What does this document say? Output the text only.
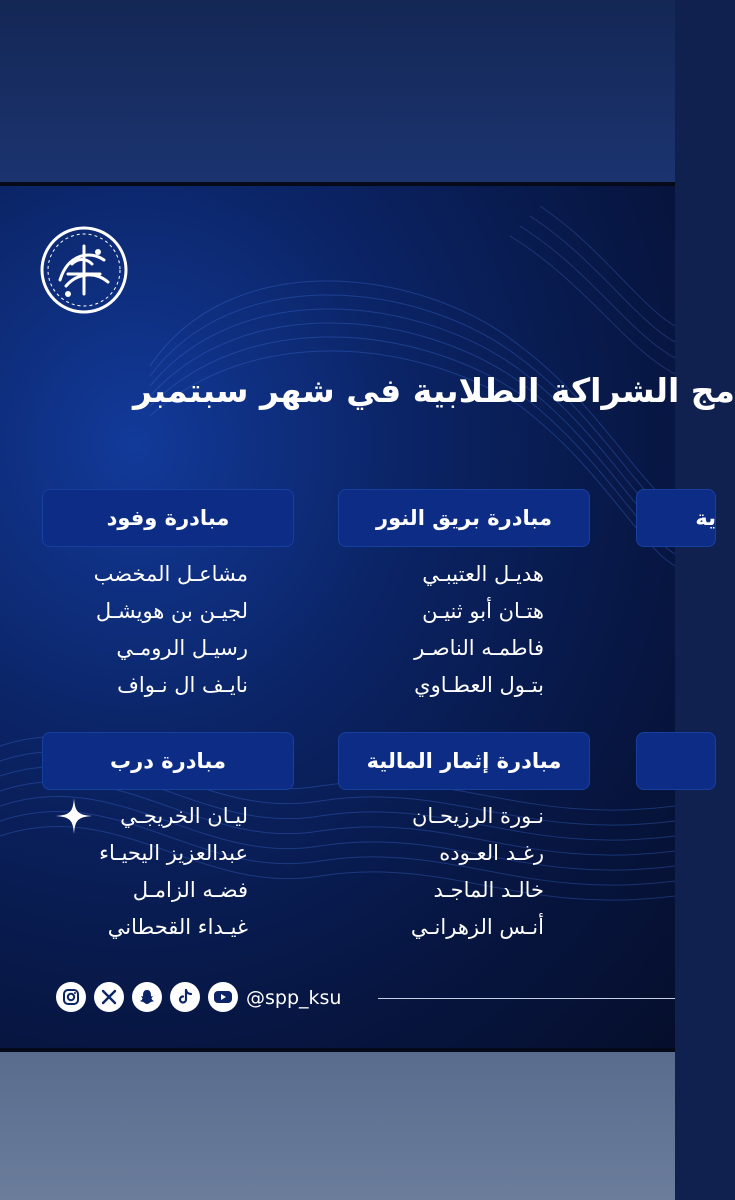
مج الشراكة الطلابية في شهر سبتمبر
مبادرة وفود
مشاعـل المخضب
لجيـن بن هويشـل
رسيـل الرومـي
نايـف ال نـواف
مبادرة بريق النور
هديـل العتيبـي
هتـان أبو ثنيـن
فاطمـه الناصـر
بتـول العطـاوي
ية
مبادرة درب
ليـان الخريجـي
عبدالعزيز اليحيـاء
فضـه الزامـل
غيـداء القحطاني
مبادرة إثمار المالية
نـورة الرزيحـان
رغـد العـوده
خالـد الماجـد
أنـس الزهرانـي
@spp_ksu
